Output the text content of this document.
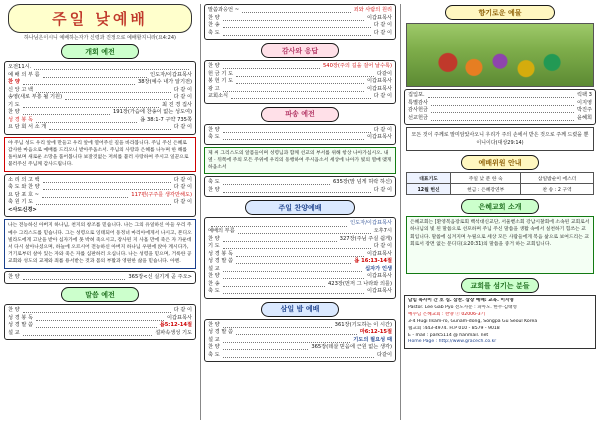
주일 낮예배
하나님은이시니 예배하는자가 신령과 진정으로 예배할지니라(요4:24)
개회 예전
오전11시.
예 배 의 부 름	인도자/이갑표목사
찬 양	38장(예수 내가 알기전)
신 앙 고 백	다 같 이
송영(새로 부흥 될 기원)	다 같 이
기 도	최 진 경 집사
찬 양	191장(가슴에 찬송이 없는 성도여)
성 경 봉 독	욥 38:1-7 구약 735쪽
요 담 회 서 소 개	다 같 이
야 주님 성도 우리 앞에 만들고 우리 앞에 열어주신 길을 바라봅니다. 주님 주신 은혜로 감사한 마음으로 예배를 드리오니 받아주옵소서. 주님의 사랑과 은혜를 나누며 한 해를 돌아보며 새로운 소망을 품어봅니다 보잘것없는 저희를 불러 사랑하여 주시고 일꾼으로 불러주신 주님께 감사드립니다.
소 리 의 고 백	다 같 이
축 도 와 찬 양	다 같 이
요 담 포 호 ~	117편(구주를 생각만해도)
축 원 기 도	다 같 이
<사도신경>
나는 전능하신 아버지 하나님, 천지의 창조를 믿습니다. 나는 그의 유일하신 아들 우리 주 예수 그리스도를 믿습니다. 그는 성령으로 잉태되어 동정녀 마리아에게서 나시고, 본디오 빌라도에게 고난을 받아 십자가에 못 박혀 죽으시고, 장사된 지 사흘 만에 죽은 자 가운데서 다시 살아나셨으며, 하늘에 오르시어 전능하신 아버지 하나님 우편에 앉아 계시다가, 거기로부터 살아 있는 자와 죽은 자를 심판하러 오십니다. 나는 성령을 믿으며, 거룩한 공교회와 성도의 교제와 죄를 용서받는 것과 몸의 부활과 영원한 삶을 믿습니다. 아멘.
찬 양	365장<신 실기게 곧 주오>
말씀 예전
찬 양	다 같 이
성 경 봉 독	이갑표목사
성 경 말 씀	욥5:12-14절
설 교	설파속생성 기도
말씀과응언 ~	죄와 사람의 원리
찬 양	이갑표목사
찬 송	다 같 이
축 도	다 같 이
감사와 응답
찬 양	540장(주의 길을 걸어 날수록)
헌 금 기 도	다같이
봉 헌 기 도	이갑표목사
광 고	이갑표목사
교회소식	다 같 이
파송 예전
찬 양	다 같 이
축 도	이갑표목사
제 씨 그리스도의 알몸들이며 성령님과 함께 선교의 부서를 위해 항상 나아가십시오. 내 옆 · 뒤쪽에 주의 모든 주위에 우리의 동행하여 주시옵소서 세상에 나아가 빛의 열매 맺게 하옵소서
축 도	635장(맘 넘게 허락 하신)
찬 양	다 같 이
주일 찬양예배
인도자/이갑표목사
예배의 부름	오후7시
찬 양	327장(주님 주실 쉽게)
기 도	다 같 이
성 경 봉 독	이갑표목사
성 경 말 씀	욥 16:13-14절
설 교	십자가 인생
찬 양	이갑표목사
찬 송	423장(먼저 그 나라와 의를)
축 도	이갑표목사
삼일 밤 예배
찬 양	361장(기도하는 이 시간)
성 경 말 씀	마6:12-15절
설 교	기도의 필요성 때
찬 양	365장(데살 믿음에 근원 없는 생각)
축 도	다같이
향기로운 예물
집입포.	릭팩 3
특별감사	이지영
감사헌금	박진주
선교헌금	윤혜희
모든 것이 주께로 말미암았사오니 우리가 주의 손에서 받은 것으로 주께 드렸을 뿐이니이다(대상29:14)
예배위원 안내
대표기도	주일 낮 분 한 숙	삼일밤순이 에스더
12월 헌신	헌금 : 은혜강연부	찬 송 : 2 구역
은혜교회 소개
은혜교회는 [환영복음장로회 백석대신교단, 서울벧소회 강남시찰회에 소속된 교회로서 하나님의 빛 된 말씀으로 선포하며 주님 주신 말씀을 생활 속에서 실천하기 힘쓰는 교회입니다. 말씀에 심겨지며 누릴으로 세상 모든 사람들에게 복음 삶으로 보여드리는 교회로서 장면 없는 문디디(요20:31)의 말씀을 중거 하는 교회입니다.
교회를 섬기는 분들
담임 목사이 간 호 심. 삼찬. 삼장 예배: 교육. 이지영
Pastor. Lee Gab Pyo 전도사문 : 피아노. 한주·김태영
예수님 은혜교회 : 찬양 ⓒ 02006-3기
3-4 Hugi Ilsam-ro, Gunam-dong, Songpa Gu Seoul Korea
웹교회 :443-4974. H.P 010 - 8579 - 9018
E - mail : park5114 @ hanmail. net
Home Page : http://www.gracech.co.kr
